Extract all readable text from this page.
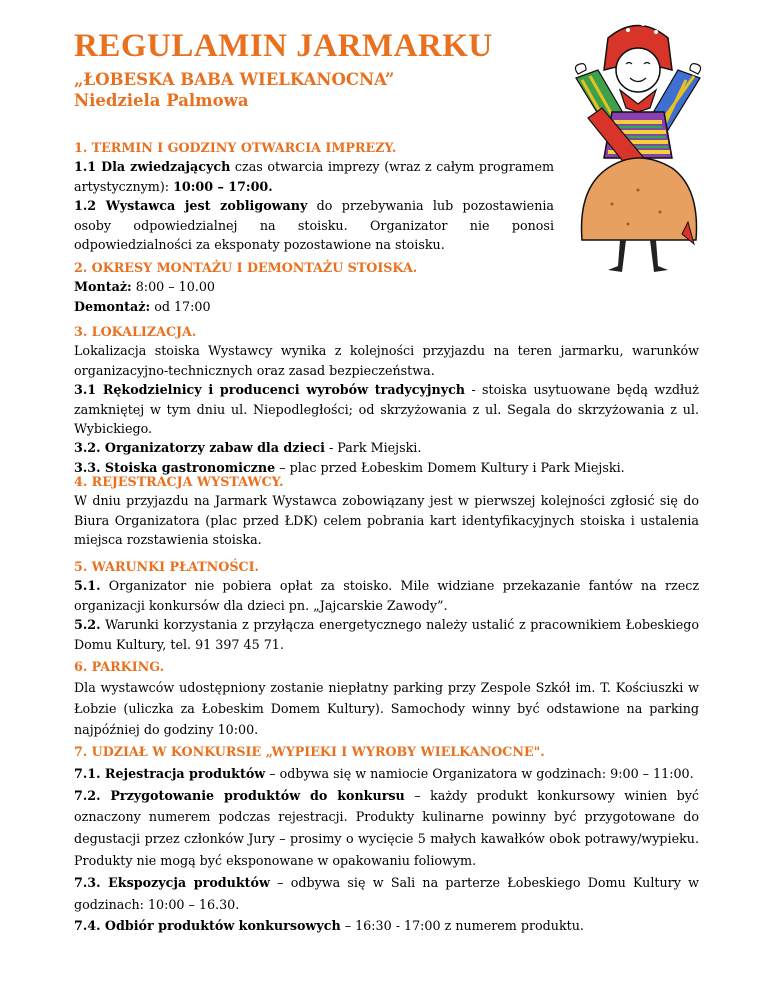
REGULAMIN JARMARKU
„ŁOBESKA BABA WIELKANOCNA”
Niedziela Palmowa
1. TERMIN I GODZINY OTWARCIA IMPREZY.
1.1 Dla zwiedzających czas otwarcia imprezy (wraz z całym programem artystycznym): 10:00 – 17:00.
1.2 Wystawca jest zobligowany do przebywania lub pozostawienia osoby odpowiedzialnej na stoisku. Organizator nie ponosi odpowiedzialności za eksponaty pozostawione na stoisku.
2. OKRESY MONTAŻU I DEMONTAŻU STOISKA.
Montaż: 8:00 – 10.00
Demontaż: od 17:00
3. LOKALIZACJA.
Lokalizacja stoiska Wystawcy wynika z kolejności przyjazdu na teren jarmarku, warunków organizacyjno-technicznych oraz zasad bezpieczeństwa.
3.1 Rękodzielnicy i producenci wyrobów tradycyjnych - stoiska usytuowane będą wzdłuż zamkniętej w tym dniu ul. Niepodległości; od skrzyżowania z ul. Segala do skrzyżowania z ul. Wybickiego.
3.2. Organizatorzy zabaw dla dzieci - Park Miejski.
3.3. Stoiska gastronomiczne – plac przed Łobeskim Domem Kultury i Park Miejski.
4. REJESTRACJA WYSTAWCY.
W dniu przyjazdu na Jarmark Wystawca zobowiązany jest w pierwszej kolejności zgłosić się do Biura Organizatora (plac przed ŁDK) celem pobrania kart identyfikacyjnych stoiska i ustalenia miejsca rozstawienia stoiska.
5. WARUNKI PŁATNOŚCI.
5.1. Organizator nie pobiera opłat za stoisko. Mile widziane przekazanie fantów na rzecz organizacji konkursów dla dzieci pn. „Jajcarskie Zawody”.
5.2. Warunki korzystania z przyłącza energetycznego należy ustalić z pracownikiem Łobeskiego Domu Kultury, tel. 91 397 45 71.
6. PARKING.
Dla wystawców udostępniony zostanie niepłatny parking przy Zespole Szkół im. T. Kościuszki w Łobzie (uliczka za Łobeskim Domem Kultury). Samochody winny być odstawione na parking najpóźniej do godziny 10:00.
7. UDZIAŁ W KONKURSIE „WYPIEKI I WYROBY WIELKANOCNE".
7.1. Rejestracja produktów – odbywa się w namiocie Organizatora w godzinach: 9:00 – 11:00.
7.2. Przygotowanie produktów do konkursu – każdy produkt konkursowy winien być oznaczony numerem podczas rejestracji. Produkty kulinarne powinny być przygotowane do degustacji przez członków Jury – prosimy o wycięcie 5 małych kawałków obok potrawy/wypieku. Produkty nie mogą być eksponowane w opakowaniu foliowym.
7.3. Ekspozycja produktów – odbywa się w Sali na parterze Łobeskiego Domu Kultury w godzinach: 10:00 – 16.30.
7.4. Odbiór produktów konkursowych – 16:30 - 17:00 z numerem produktu.
